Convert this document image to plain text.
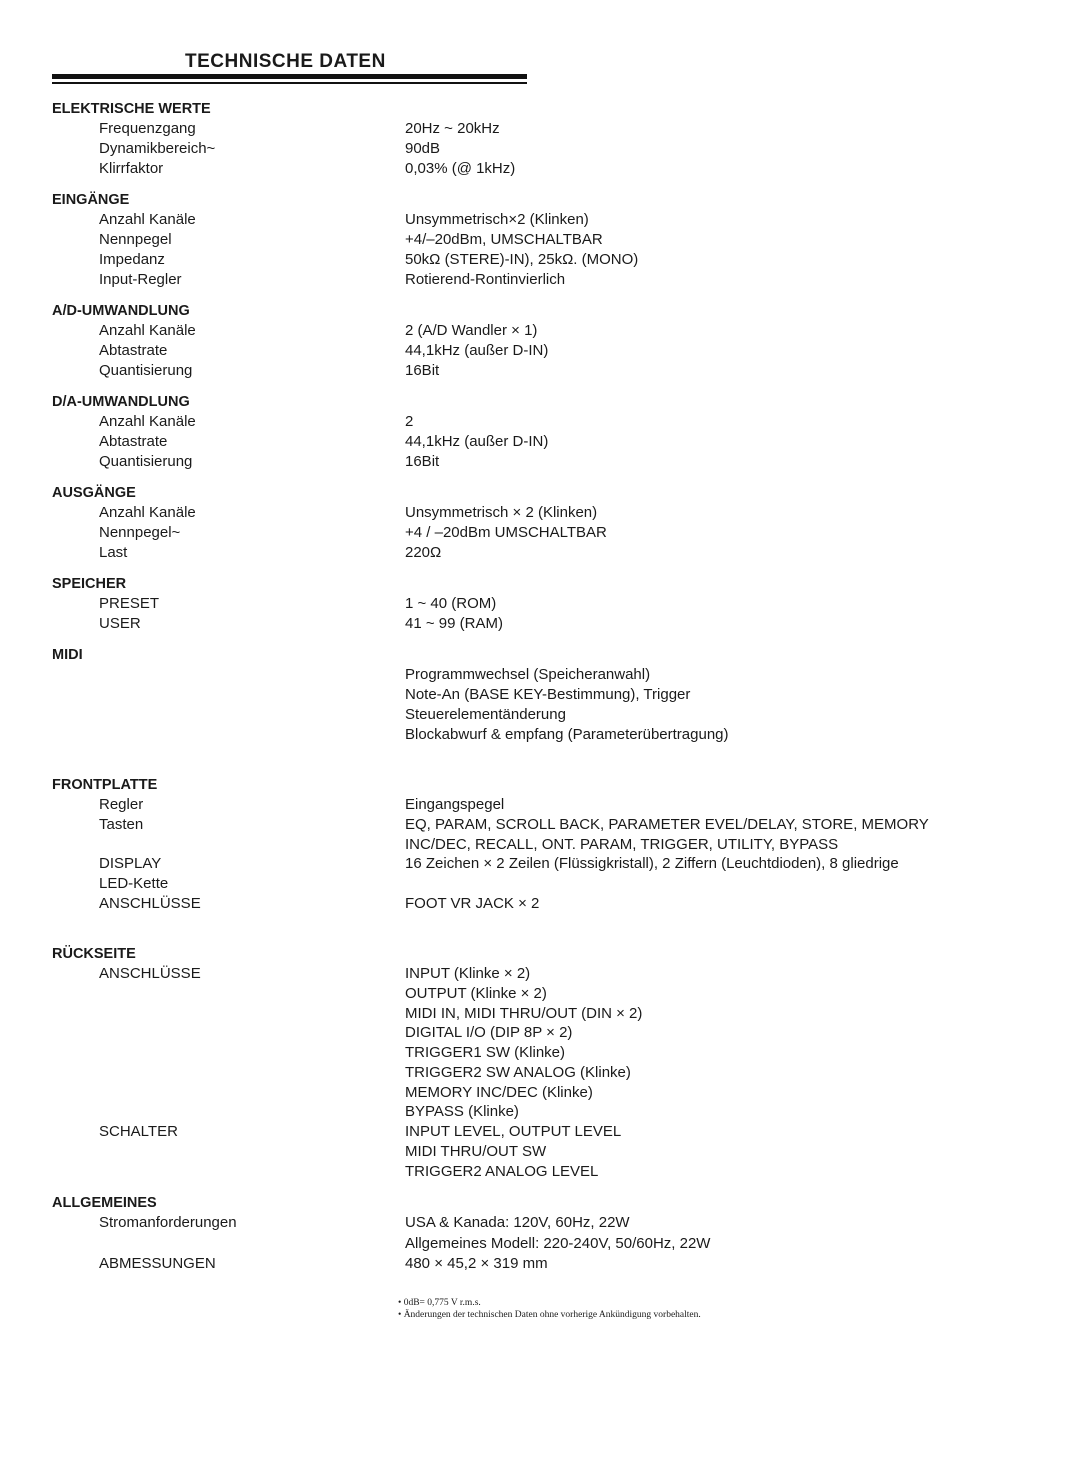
TECHNISCHE DATEN
ELEKTRISCHE WERTE
Frequenzgang	20Hz ~ 20kHz
Dynamikbereich~	90dB
Klirrfaktor	0,03% (@ 1kHz)
EINGÄNGE
Anzahl Kanäle	Unsymmetrisch×2 (Klinken)
Nennpegel	+4/–20dBm, UMSCHALTBAR
Impedanz	50kΩ (STERE)-IN), 25kΩ. (MONO)
Input-Regler	Rotierend-Rontinvierlich
A/D-UMWANDLUNG
Anzahl Kanäle	2 (A/D Wandler × 1)
Abtastrate	44,1kHz (außer D-IN)
Quantisierung	16Bit
D/A-UMWANDLUNG
Anzahl Kanäle	2
Abtastrate	44,1kHz (außer D-IN)
Quantisierung	16Bit
AUSGÄNGE
Anzahl Kanäle	Unsymmetrisch × 2 (Klinken)
Nennpegel~	+4 / –20dBm UMSCHALTBAR
Last	220Ω
SPEICHER
PRESET	1 ~ 40 (ROM)
USER	41 ~ 99 (RAM)
MIDI
Programmwechsel (Speicheranwahl)
Note-An (BASE KEY-Bestimmung), Trigger
Steuerelementänderung
Blockabwurf & empfang (Parameterübertragung)
FRONTPLATTE
Regler	Eingangspegel
Tasten	EQ, PARAM, SCROLL BACK, PARAMETER EVEL/DELAY, STORE, MEMORY
INC/DEC, RECALL, ONT. PARAM, TRIGGER, UTILITY, BYPASS
DISPLAY	16 Zeichen × 2 Zeilen (Flüssigkristall), 2 Ziffern (Leuchtdioden), 8 gliedrige
LED-Kette
ANSCHLÜSSE	FOOT VR JACK × 2
RÜCKSEITE
ANSCHLÜSSE	INPUT (Klinke × 2)
OUTPUT (Klinke × 2)
MIDI IN, MIDI THRU/OUT (DIN × 2)
DIGITAL I/O (DIP 8P × 2)
TRIGGER1 SW (Klinke)
TRIGGER2 SW ANALOG (Klinke)
MEMORY INC/DEC (Klinke)
BYPASS (Klinke)
SCHALTER	INPUT LEVEL, OUTPUT LEVEL
MIDI THRU/OUT SW
TRIGGER2 ANALOG LEVEL
ALLGEMEINES
Stromanforderungen	USA & Kanada: 120V, 60Hz, 22W
Allgemeines Modell: 220-240V, 50/60Hz, 22W
ABMESSUNGEN	480 × 45,2 × 319 mm
• 0dB= 0,775 V r.m.s.
• Änderungen der technischen Daten ohne vorherige Ankündigung vorbehalten.
